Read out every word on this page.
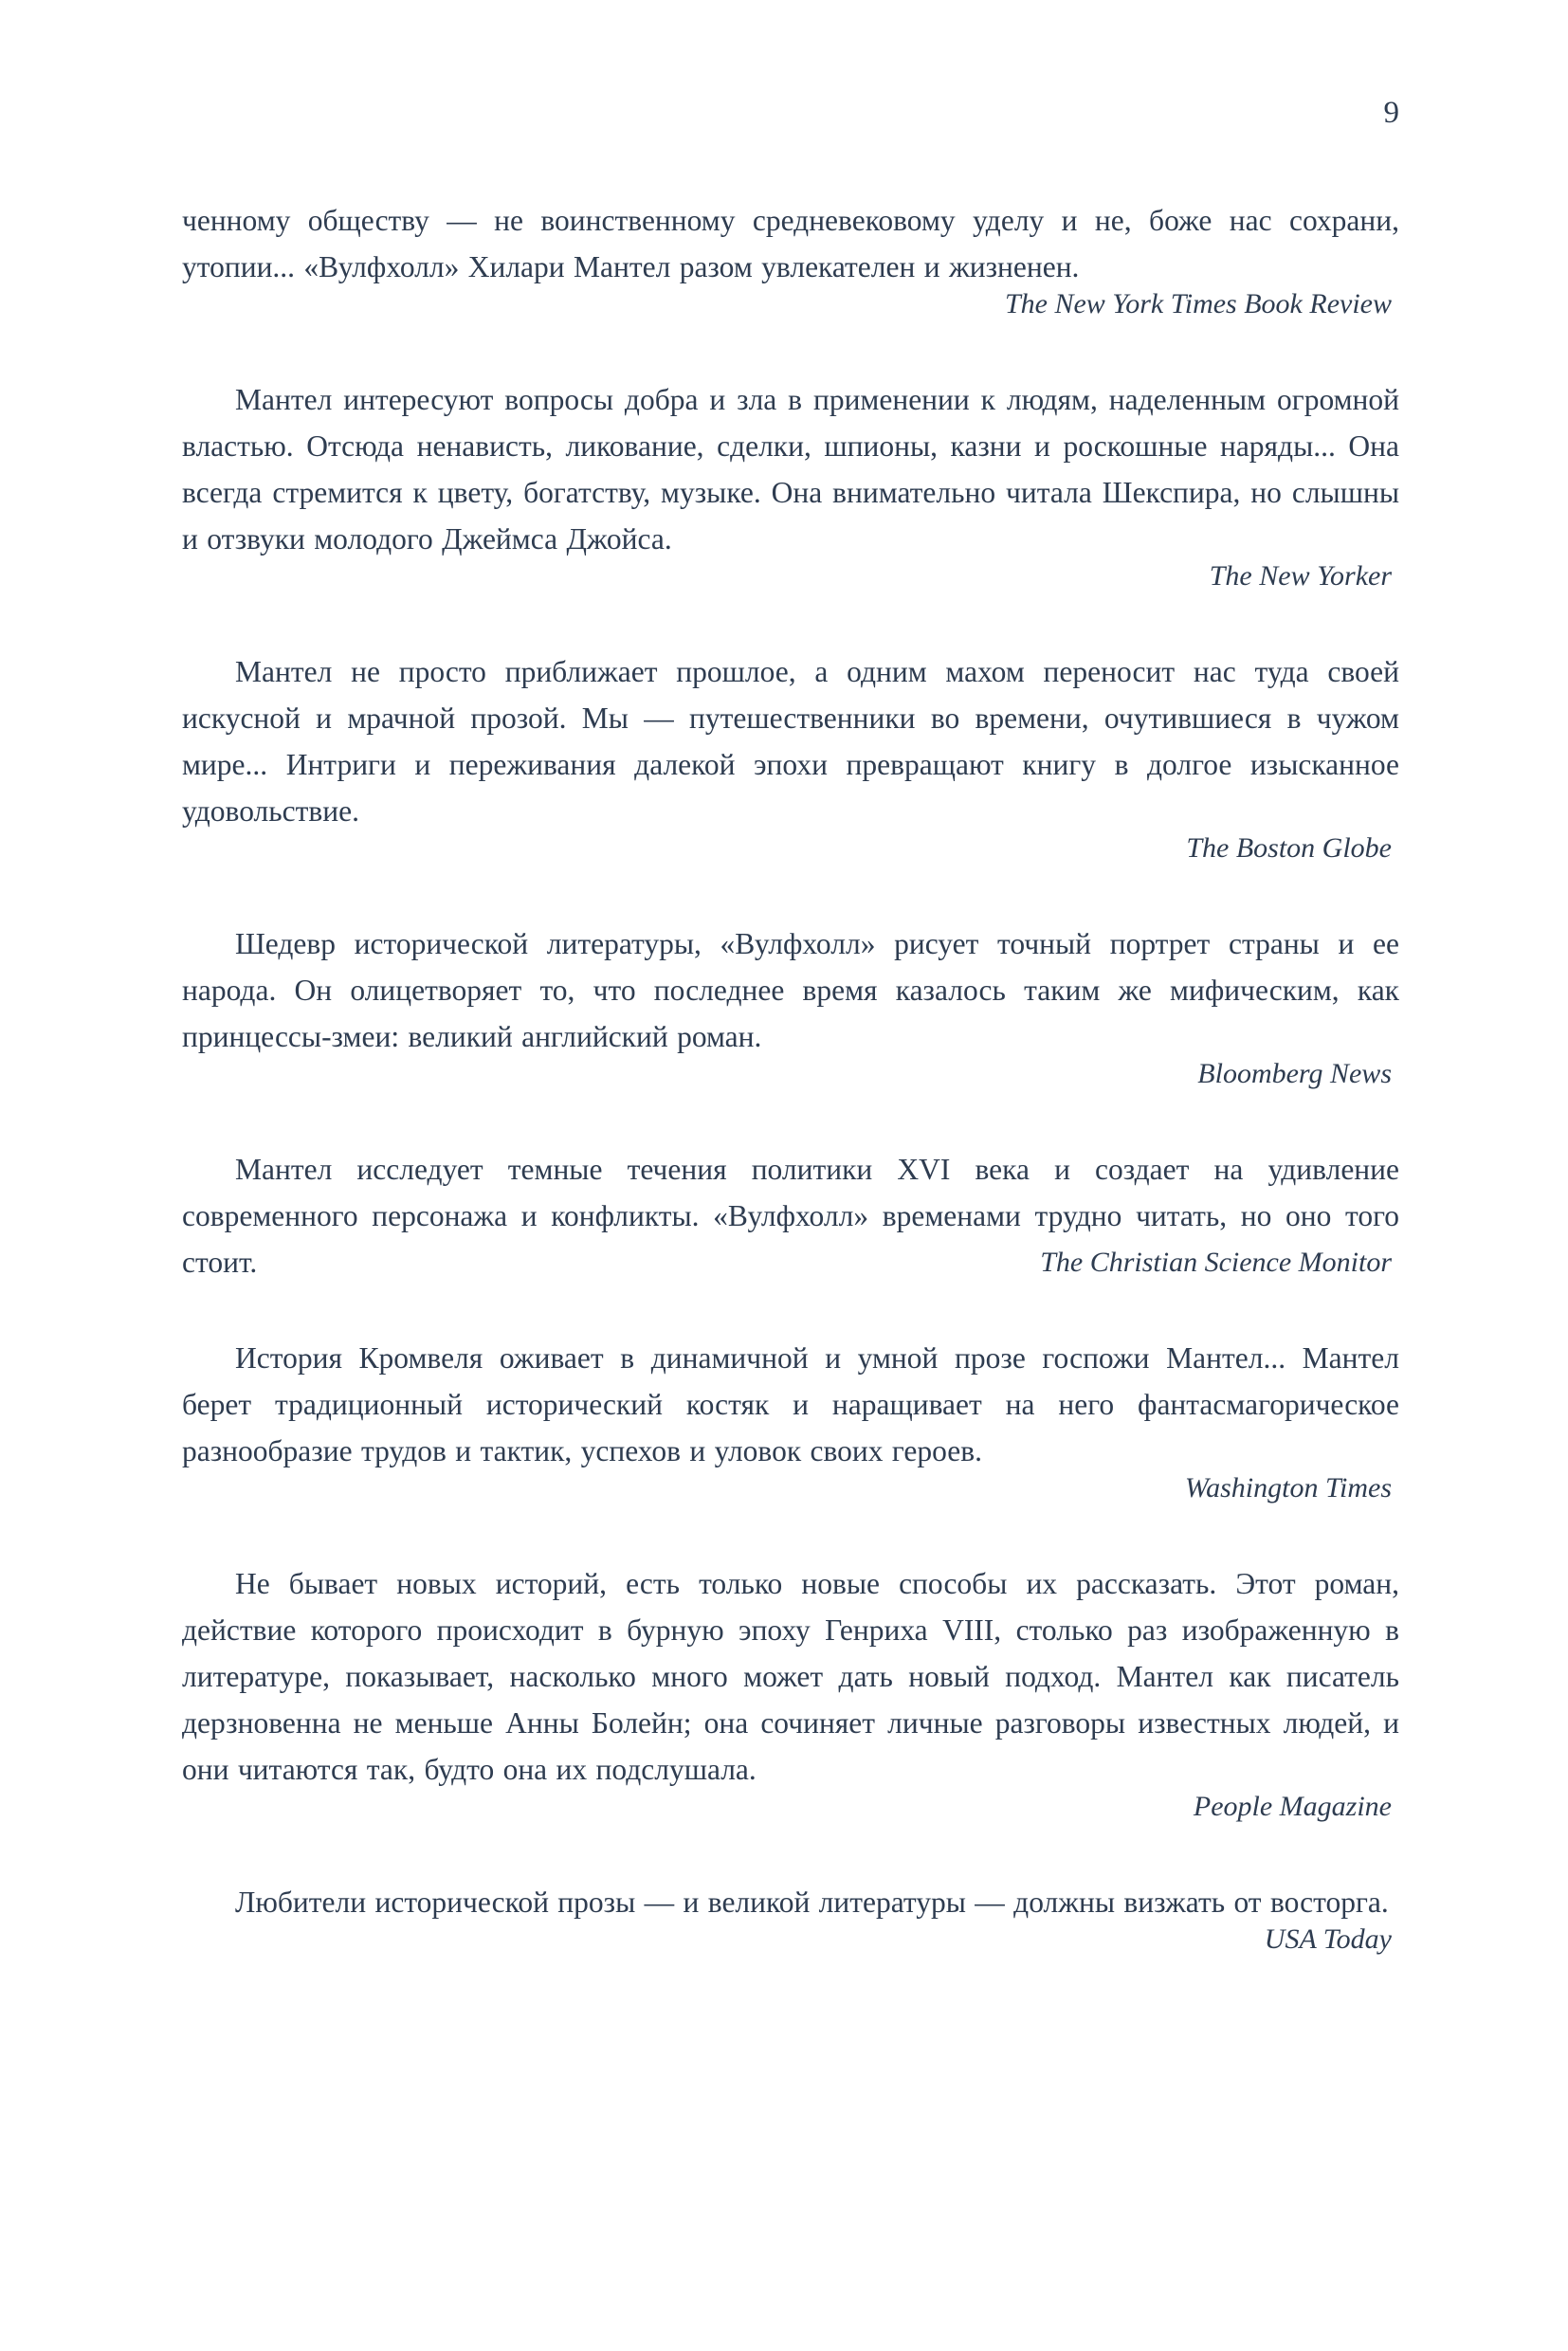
9

ченному обществу — не воинственному средневековому уделу и не, боже нас сохрани, утопии... «Вулфхолл» Хилари Мантел разом увлекателен и жизненен.

The New York Times Book Review

Мантел интересуют вопросы добра и зла в применении к людям, наделенным огромной властью. Отсюда ненависть, ликование, сделки, шпионы, казни и роскошные наряды... Она всегда стремится к цвету, богатству, музыке. Она внимательно читала Шекспира, но слышны и отзвуки молодого Джеймса Джойса.

The New Yorker

Мантел не просто приближает прошлое, а одним махом переносит нас туда своей искусной и мрачной прозой. Мы — путешественники во времени, очутившиеся в чужом мире... Интриги и переживания далекой эпохи превращают книгу в долгое изысканное удовольствие.

The Boston Globe

Шедевр исторической литературы, «Вулфхолл» рисует точный портрет страны и ее народа. Он олицетворяет то, что последнее время казалось таким же мифическим, как принцессы-змеи: великий английский роман.

Bloomberg News

Мантел исследует темные течения политики XVI века и создает на удивление современного персонажа и конфликты. «Вулфхолл» временами трудно читать, но оно того стоит.	The Christian Science Monitor

История Кромвеля оживает в динамичной и умной прозе госпожи Мантел... Мантел берет традиционный исторический костяк и наращивает на него фантасмагорическое разнообразие трудов и тактик, успехов и уловок своих героев.

Washington Times

Не бывает новых историй, есть только новые способы их рассказать. Этот роман, действие которого происходит в бурную эпоху Генриха VIII, столько раз изображенную в литературе, показывает, насколько много может дать новый подход. Мантел как писатель дерзновенна не меньше Анны Болейн; она сочиняет личные разговоры известных людей, и они читаются так, будто она их подслушала.

People Magazine

Любители исторической прозы — и великой литературы — должны визжать от восторга.

USA Today
